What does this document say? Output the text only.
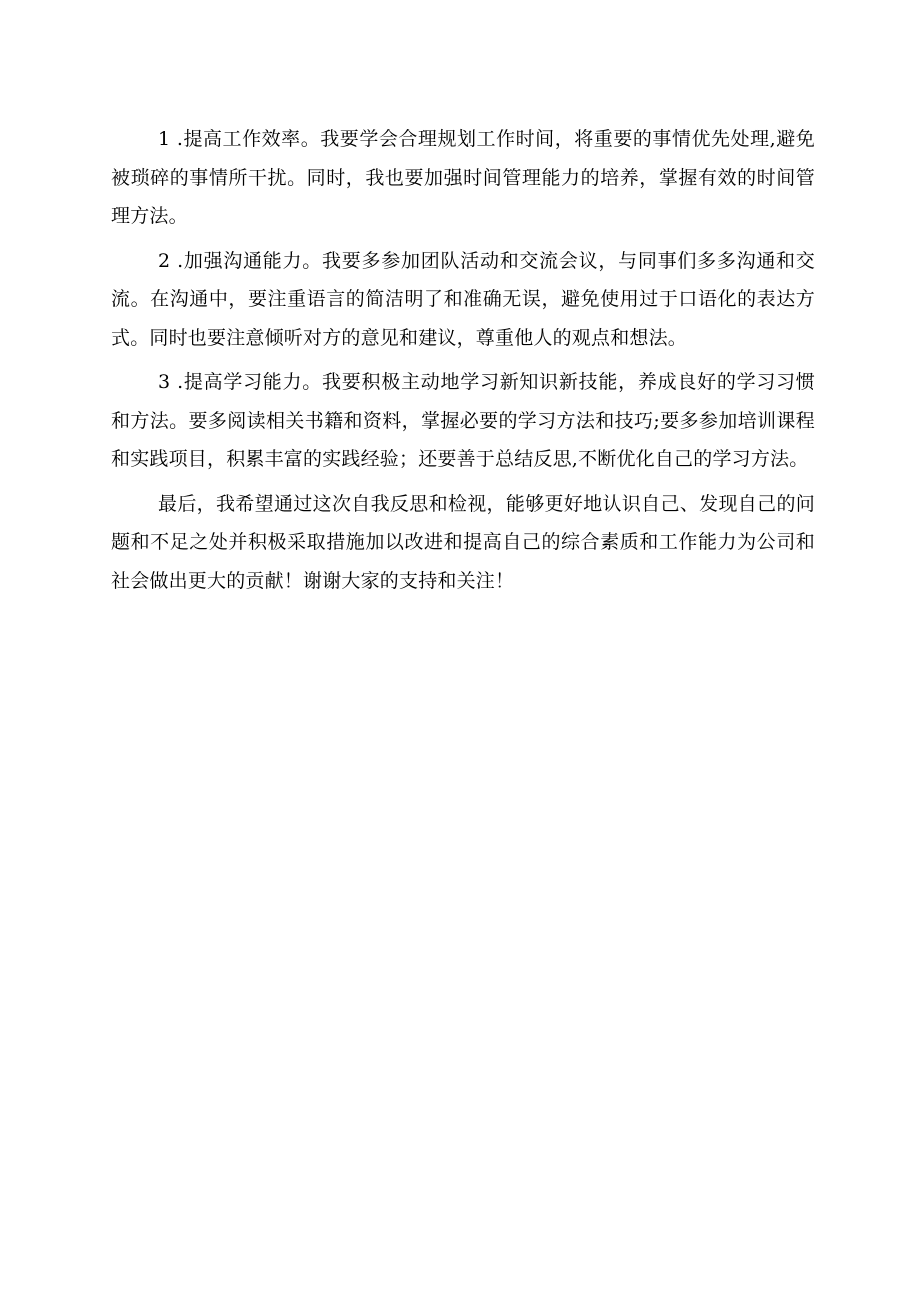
1 .提高工作效率。我要学会合理规划工作时间，将重要的事情优先处理,避免被琐碎的事情所干扰。同时，我也要加强时间管理能力的培养，掌握有效的时间管理方法。

2 .加强沟通能力。我要多参加团队活动和交流会议，与同事们多多沟通和交流。在沟通中，要注重语言的简洁明了和准确无误，避免使用过于口语化的表达方式。同时也要注意倾听对方的意见和建议，尊重他人的观点和想法。

3 .提高学习能力。我要积极主动地学习新知识新技能，养成良好的学习习惯和方法。要多阅读相关书籍和资料，掌握必要的学习方法和技巧;要多参加培训课程和实践项目，积累丰富的实践经验；还要善于总结反思,不断优化自己的学习方法。

最后，我希望通过这次自我反思和检视，能够更好地认识自己、发现自己的问题和不足之处并积极采取措施加以改进和提高自己的综合素质和工作能力为公司和社会做出更大的贡献！谢谢大家的支持和关注！
